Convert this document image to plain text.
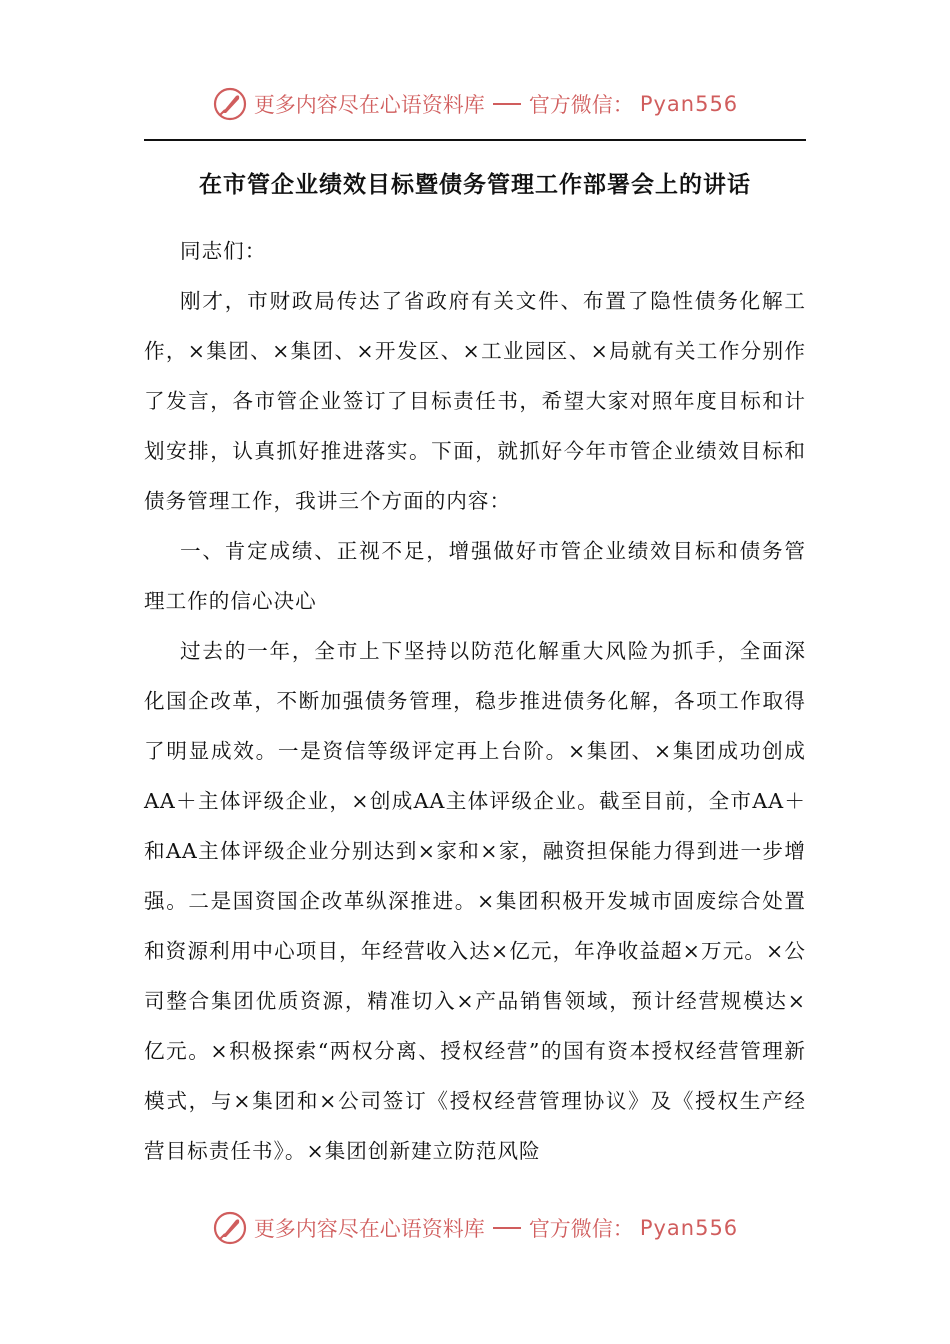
更多内容尽在心语资料库 官方微信： Pyan556
在市管企业绩效目标暨债务管理工作部署会上的讲话

同志们：

刚才，市财政局传达了省政府有关文件、布置了隐性债务化解工作，×集团、×集团、×开发区、×工业园区、×局就有关工作分别作了发言，各市管企业签订了目标责任书，希望大家对照年度目标和计划安排，认真抓好推进落实。下面，就抓好今年市管企业绩效目标和债务管理工作，我讲三个方面的内容：

一、肯定成绩、正视不足，增强做好市管企业绩效目标和债务管理工作的信心决心

过去的一年，全市上下坚持以防范化解重大风险为抓手，全面深化国企改革，不断加强债务管理，稳步推进债务化解，各项工作取得了明显成效。一是资信等级评定再上台阶。×集团、×集团成功创成AA＋主体评级企业，×创成AA主体评级企业。截至目前，全市AA＋和AA主体评级企业分别达到×家和×家，融资担保能力得到进一步增强。二是国资国企改革纵深推进。×集团积极开发城市固废综合处置和资源利用中心项目，年经营收入达×亿元，年净收益超×万元。×公司整合集团优质资源，精准切入×产品销售领域，预计经营规模达×亿元。×积极探索“两权分离、授权经营”的国有资本授权经营管理新模式，与×集团和×公司签订《授权经营管理协议》及《授权生产经营目标责任书》。×集团创新建立防范风险

更多内容尽在心语资料库 官方微信： Pyan556
